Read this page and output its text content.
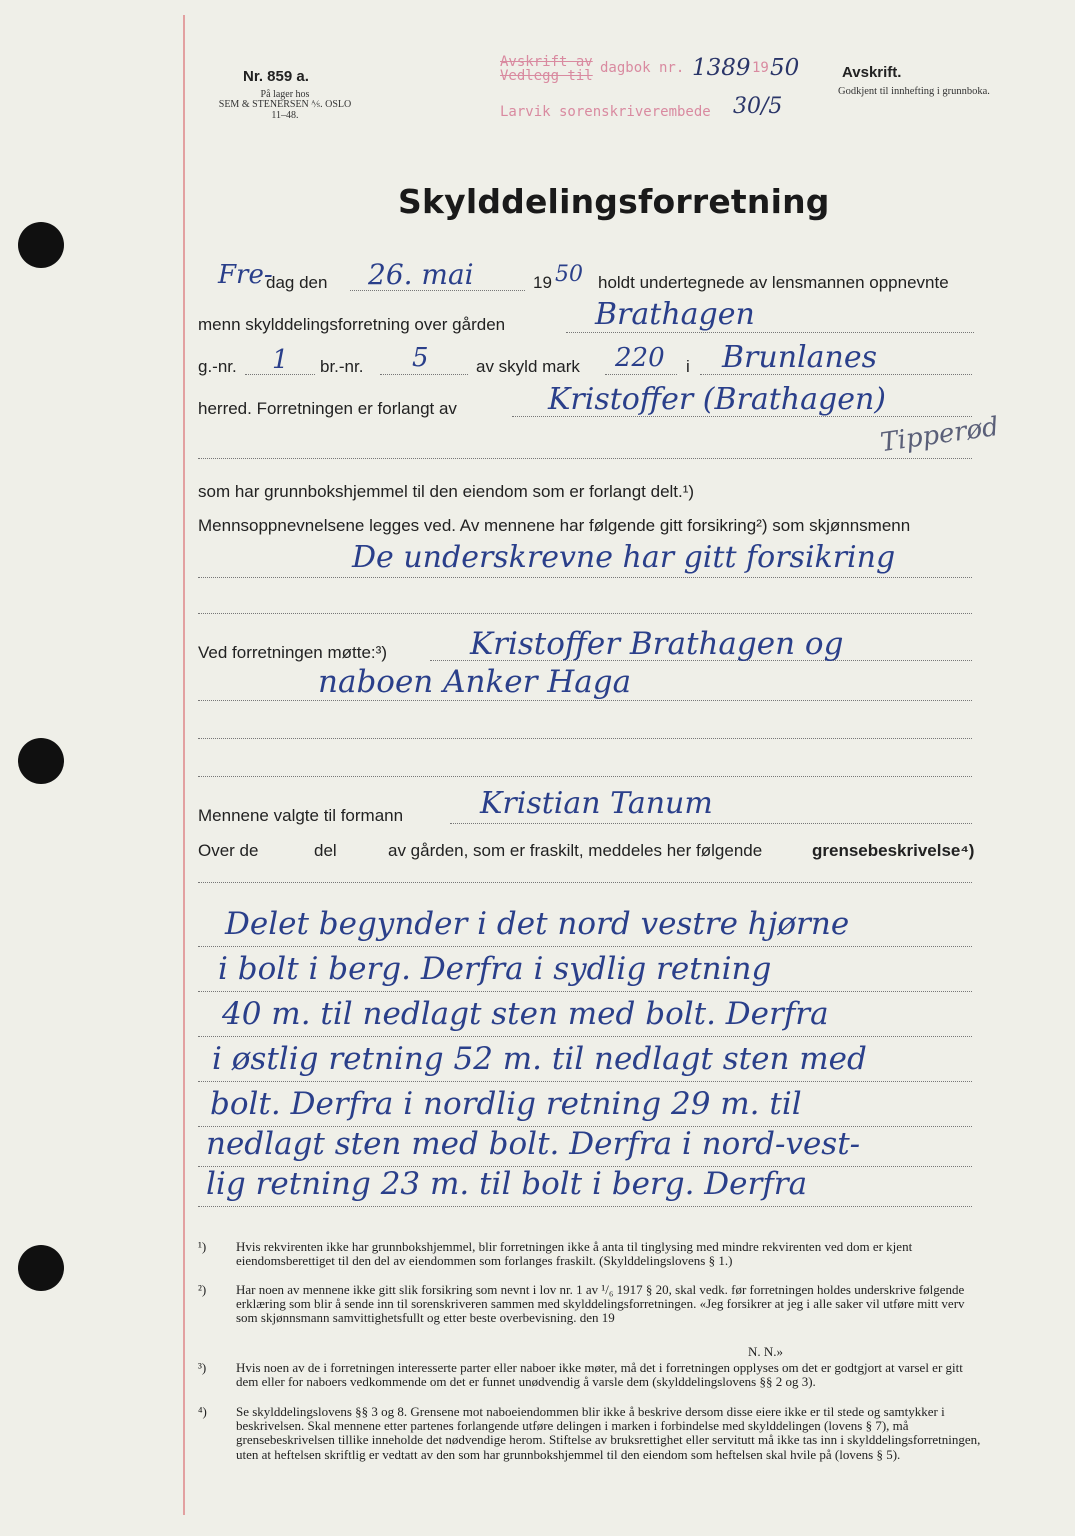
Nr. 859 a.
På lager hos
SEM & STENERSEN ⅍. OSLO
11–48.
Avskrift av
Vedlegg til dagbok nr. 1389 19 50
Larvik sorenskriverembede 30/5
Avskrift.
Godkjent til innhefting i grunnboka.
Skylddelingsforretning
Fre-
dag den 26. mai	19 50 holdt undertegnede av lensmannen oppnevnte
menn skylddelingsforretning over gården	Brathagen
g.-nr. 1 br.-nr. 5	av skyld mark 220 i Brunlanes
herred. Forretningen er forlangt av	Kristoffer (Brathagen)
Tipperød
som har grunnbokshjemmel til den eiendom som er forlangt delt.¹)
Mennsoppnevnelsene legges ved. Av mennene har følgende gitt forsikring²) som skjønnsmenn
De underskrevne har gitt forsikring
Ved forretningen møtte:³)	Kristoffer Brathagen og
naboen Anker Haga
Mennene valgte til formann	Kristian Tanum
Over de	del	av gården, som er fraskilt, meddeles her følgende	grensebeskrivelse⁴)
Delet begynder i det nord vestre hjørne
i bolt i berg. Derfra i sydlig retning
40 m. til nedlagt sten med bolt. Derfra
i østlig retning 52 m. til nedlagt sten med
bolt. Derfra i nordlig retning 29 m. til
nedlagt sten med bolt. Derfra i nord-vest-
lig retning 23 m. til bolt i berg. Derfra
¹) Hvis rekvirenten ikke har grunnbokshjemmel, blir forretningen ikke å anta til tinglysing med mindre rekvirenten ved dom er kjent eiendomsberettiget til den del av eiendommen som forlanges fraskilt. (Skylddelingslovens § 1.)
²) Har noen av mennene ikke gitt slik forsikring som nevnt i lov nr. 1 av ¹/₆ 1917 § 20, skal vedk. før forretningen holdes underskrive følgende erklæring som blir å sende inn til sorenskriveren sammen med skylddelingsforretningen. «Jeg forsikrer at jeg i alle saker vil utføre mitt verv som skjønnsmann samvittighetsfullt og etter beste overbevisning. den 19
N. N.»
³) Hvis noen av de i forretningen interesserte parter eller naboer ikke møter, må det i forretningen opplyses om det er godtgjort at varsel er gitt dem eller for naboers vedkommende om det er funnet unødvendig å varsle dem (skylddelingslovens §§ 2 og 3).
⁴) Se skylddelingslovens §§ 3 og 8. Grensene mot naboeiendommen blir ikke å beskrive dersom disse eiere ikke er til stede og samtykker i beskrivelsen. Skal mennene etter partenes forlangende utføre delingen i marken i forbindelse med skylddelingen (lovens § 7), må grensebeskrivelsen tillike inneholde det nødvendige herom. Stiftelse av bruksrettighet eller servitutt må ikke tas inn i skylddelingsforretningen, uten at heftelsen skriftlig er vedtatt av den som har grunnbokshjemmel til den eiendom som heftelsen skal hvile på (lovens § 5).
